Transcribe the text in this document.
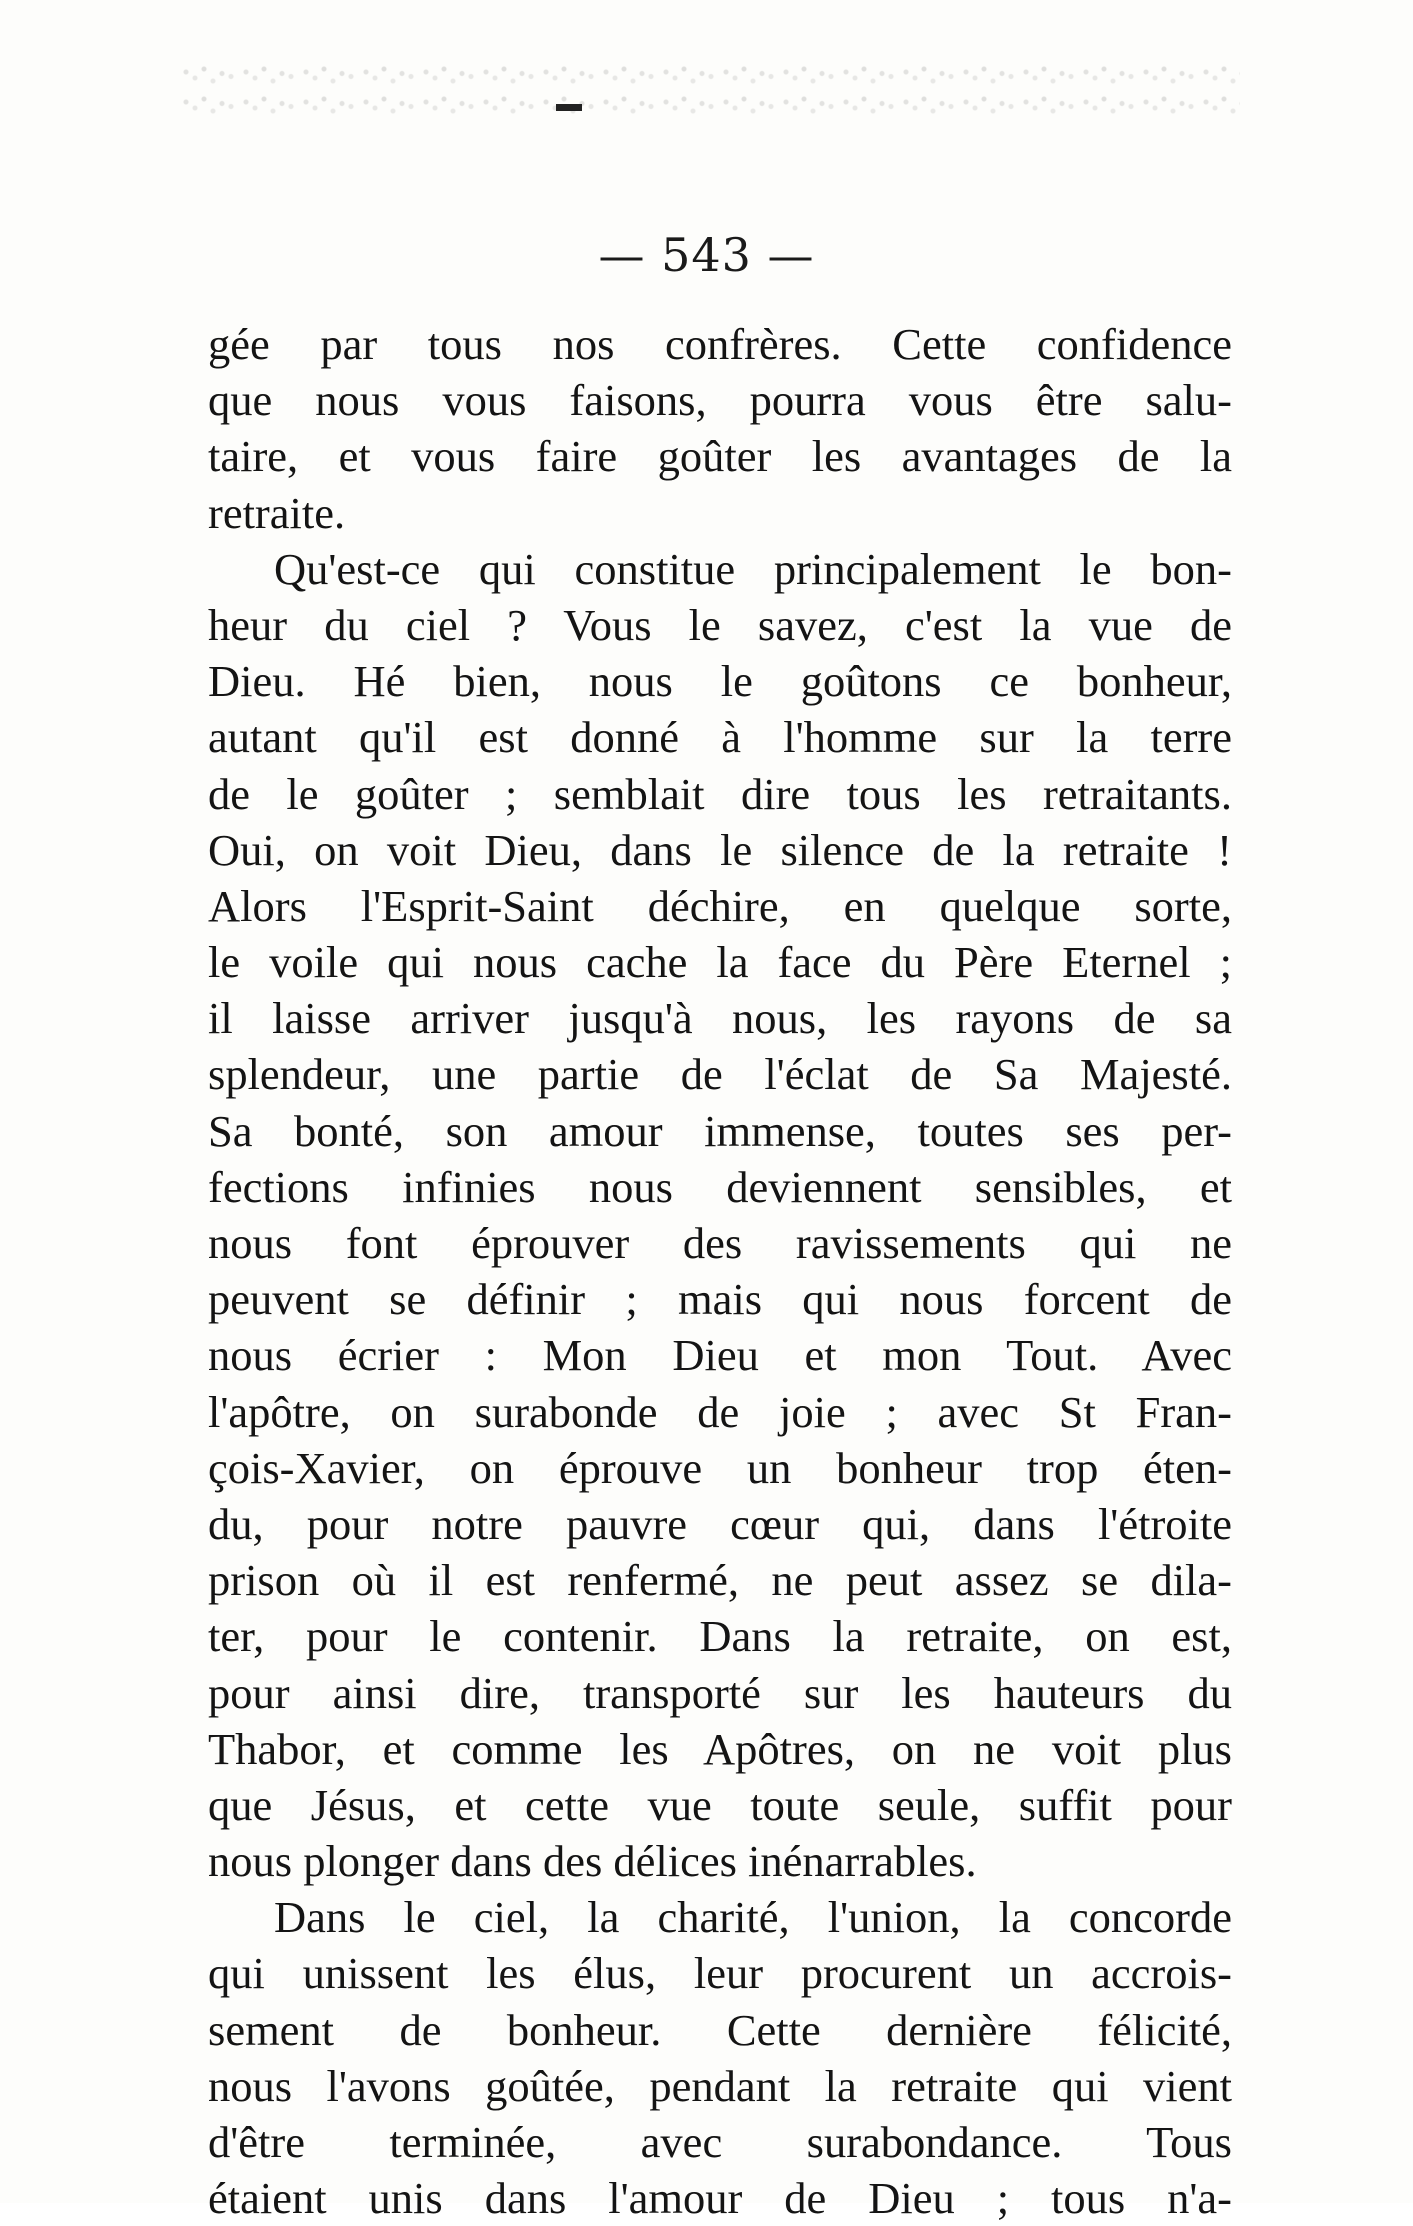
— 543 —
gée par tous nos confrères. Cette confidence
que nous vous faisons, pourra vous être salu-
taire, et vous faire goûter les avantages de la
retraite.
Qu'est-ce qui constitue principalement le bon-
heur du ciel ? Vous le savez, c'est la vue de
Dieu. Hé bien, nous le goûtons ce bonheur,
autant qu'il est donné à l'homme sur la terre
de le goûter ; semblait dire tous les retraitants.
Oui, on voit Dieu, dans le silence de la retraite !
Alors l'Esprit-Saint déchire, en quelque sorte,
le voile qui nous cache la face du Père Eternel ;
il laisse arriver jusqu'à nous, les rayons de sa
splendeur, une partie de l'éclat de Sa Majesté.
Sa bonté, son amour immense, toutes ses per-
fections infinies nous deviennent sensibles, et
nous font éprouver des ravissements qui ne
peuvent se définir ; mais qui nous forcent de
nous écrier : Mon Dieu et mon Tout. Avec
l'apôtre, on surabonde de joie ; avec St Fran-
çois-Xavier, on éprouve un bonheur trop éten-
du, pour notre pauvre cœur qui, dans l'étroite
prison où il est renfermé, ne peut assez se dila-
ter, pour le contenir. Dans la retraite, on est,
pour ainsi dire, transporté sur les hauteurs du
Thabor, et comme les Apôtres, on ne voit plus
que Jésus, et cette vue toute seule, suffit pour
nous plonger dans des délices inénarrables.
Dans le ciel, la charité, l'union, la concorde
qui unissent les élus, leur procurent un accrois-
sement de bonheur. Cette dernière félicité,
nous l'avons goûtée, pendant la retraite qui vient
d'être terminée, avec surabondance. Tous
étaient unis dans l'amour de Dieu ; tous n'a-
